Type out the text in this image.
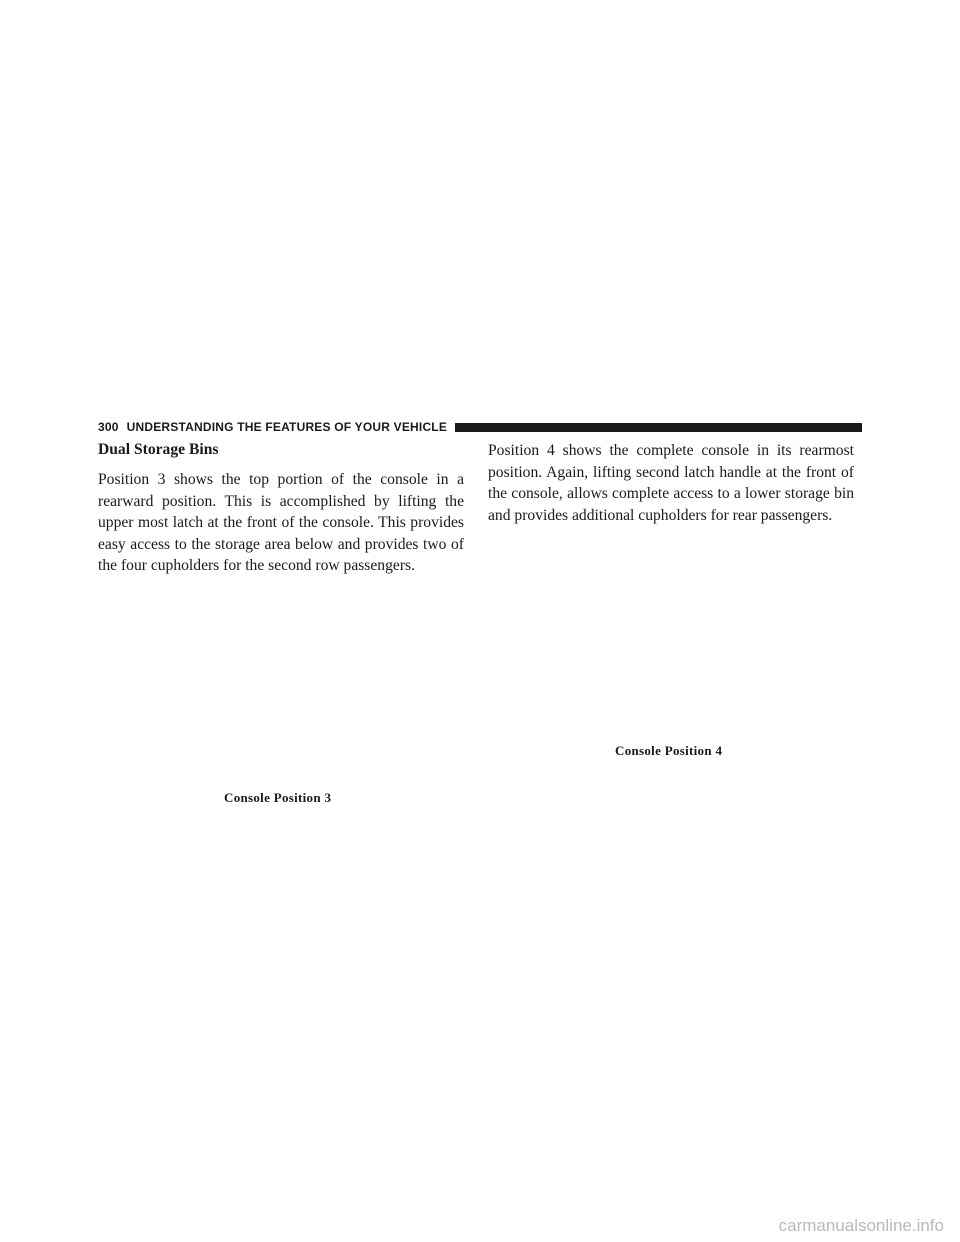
300 UNDERSTANDING THE FEATURES OF YOUR VEHICLE
Dual Storage Bins

Position 3 shows the top portion of the console in a rearward position. This is accomplished by lifting the upper most latch at the front of the console. This provides easy access to the storage area below and provides two of the four cupholders for the second row passengers.

Position 4 shows the complete console in its rearmost position. Again, lifting second latch handle at the front of the console, allows complete access to a lower storage bin and provides additional cupholders for rear passengers.

Console Position 4
Console Position 3
carmanualsonline.info
